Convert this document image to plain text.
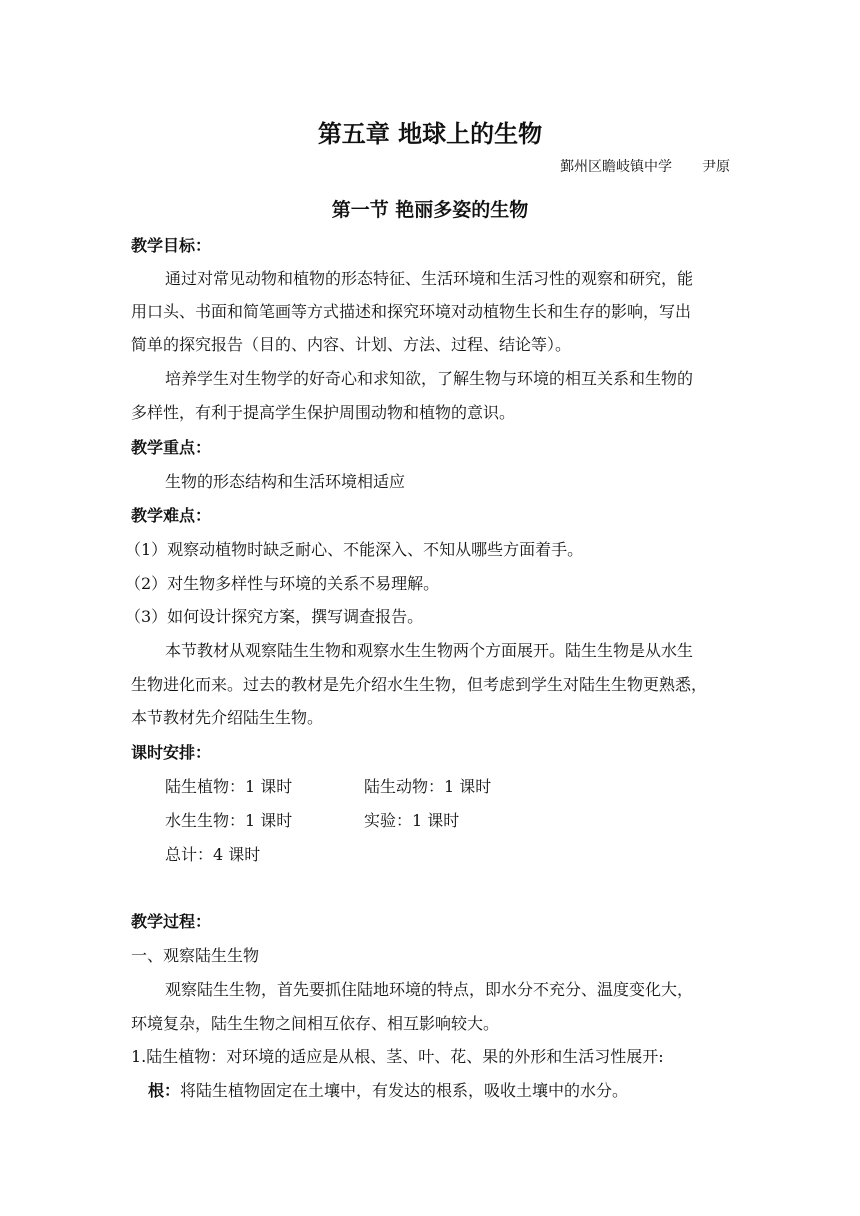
第五章 地球上的生物
鄞州区瞻岐镇中学 尹原
第一节 艳丽多姿的生物
教学目标：
通过对常见动物和植物的形态特征、生活环境和生活习性的观察和研究，能
用口头、书面和简笔画等方式描述和探究环境对动植物生长和生存的影响，写出
简单的探究报告（目的、内容、计划、方法、过程、结论等）。
培养学生对生物学的好奇心和求知欲，了解生物与环境的相互关系和生物的
多样性，有利于提高学生保护周围动物和植物的意识。
教学重点：
生物的形态结构和生活环境相适应
教学难点：
（1）观察动植物时缺乏耐心、不能深入、不知从哪些方面着手。
（2）对生物多样性与环境的关系不易理解。
（3）如何设计探究方案，撰写调查报告。
本节教材从观察陆生生物和观察水生生物两个方面展开。陆生生物是从水生
生物进化而来。过去的教材是先介绍水生生物，但考虑到学生对陆生生物更熟悉，
本节教材先介绍陆生生物。
课时安排：
陆生植物：1 课时	陆生动物：1 课时
水生生物：1 课时	实验：1 课时
总计：4 课时
教学过程：
一、观察陆生生物
观察陆生生物，首先要抓住陆地环境的特点，即水分不充分、温度变化大，
环境复杂，陆生生物之间相互依存、相互影响较大。
1.陆生植物：对环境的适应是从根、茎、叶、花、果的外形和生活习性展开:
根：将陆生植物固定在土壤中，有发达的根系，吸收土壤中的水分。
